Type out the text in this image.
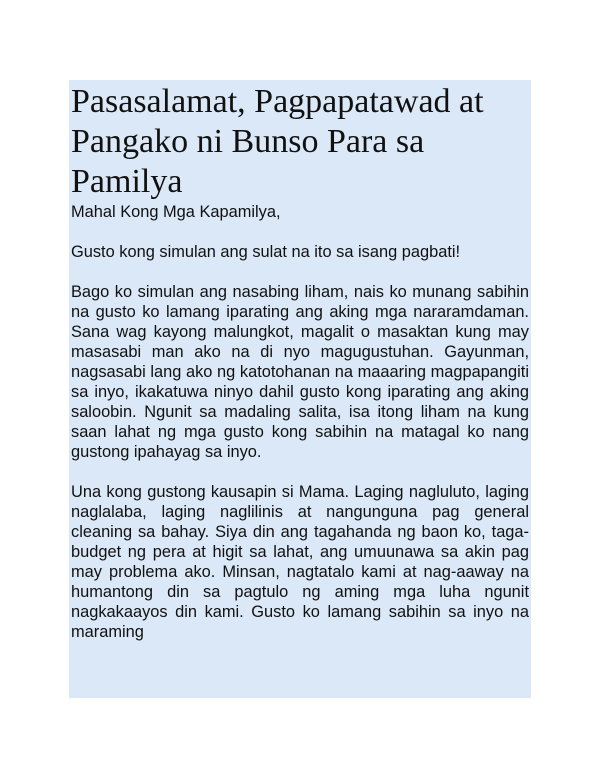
Pasasalamat, Pagpapatawad at Pangako ni Bunso Para sa Pamilya

Mahal Kong Mga Kapamilya,

Gusto kong simulan ang sulat na ito sa isang pagbati!

Bago ko simulan ang nasabing liham, nais ko munang sabihin na gusto ko lamang iparating ang aking mga nararamdaman. Sana wag kayong malungkot, magalit o masaktan kung may masasabi man ako na di nyo magugustuhan. Gayunman, nagsasabi lang ako ng katotohanan na maaaring magpapangiti sa inyo, ikakatuwa ninyo dahil gusto kong iparating ang aking saloobin. Ngunit sa madaling salita, isa itong liham na kung saan lahat ng mga gusto kong sabihin na matagal ko nang gustong ipahayag sa inyo.

Una kong gustong kausapin si Mama. Laging nagluluto, laging naglalaba, laging naglilinis at nangunguna pag general cleaning sa bahay. Siya din ang tagahanda ng baon ko, taga-budget ng pera at higit sa lahat, ang umuunawa sa akin pag may problema ako. Minsan, nagtatalo kami at nag-aaway na humantong din sa pagtulo ng aming mga luha ngunit nagkakaayos din kami. Gusto ko lamang sabihin sa inyo na maraming
